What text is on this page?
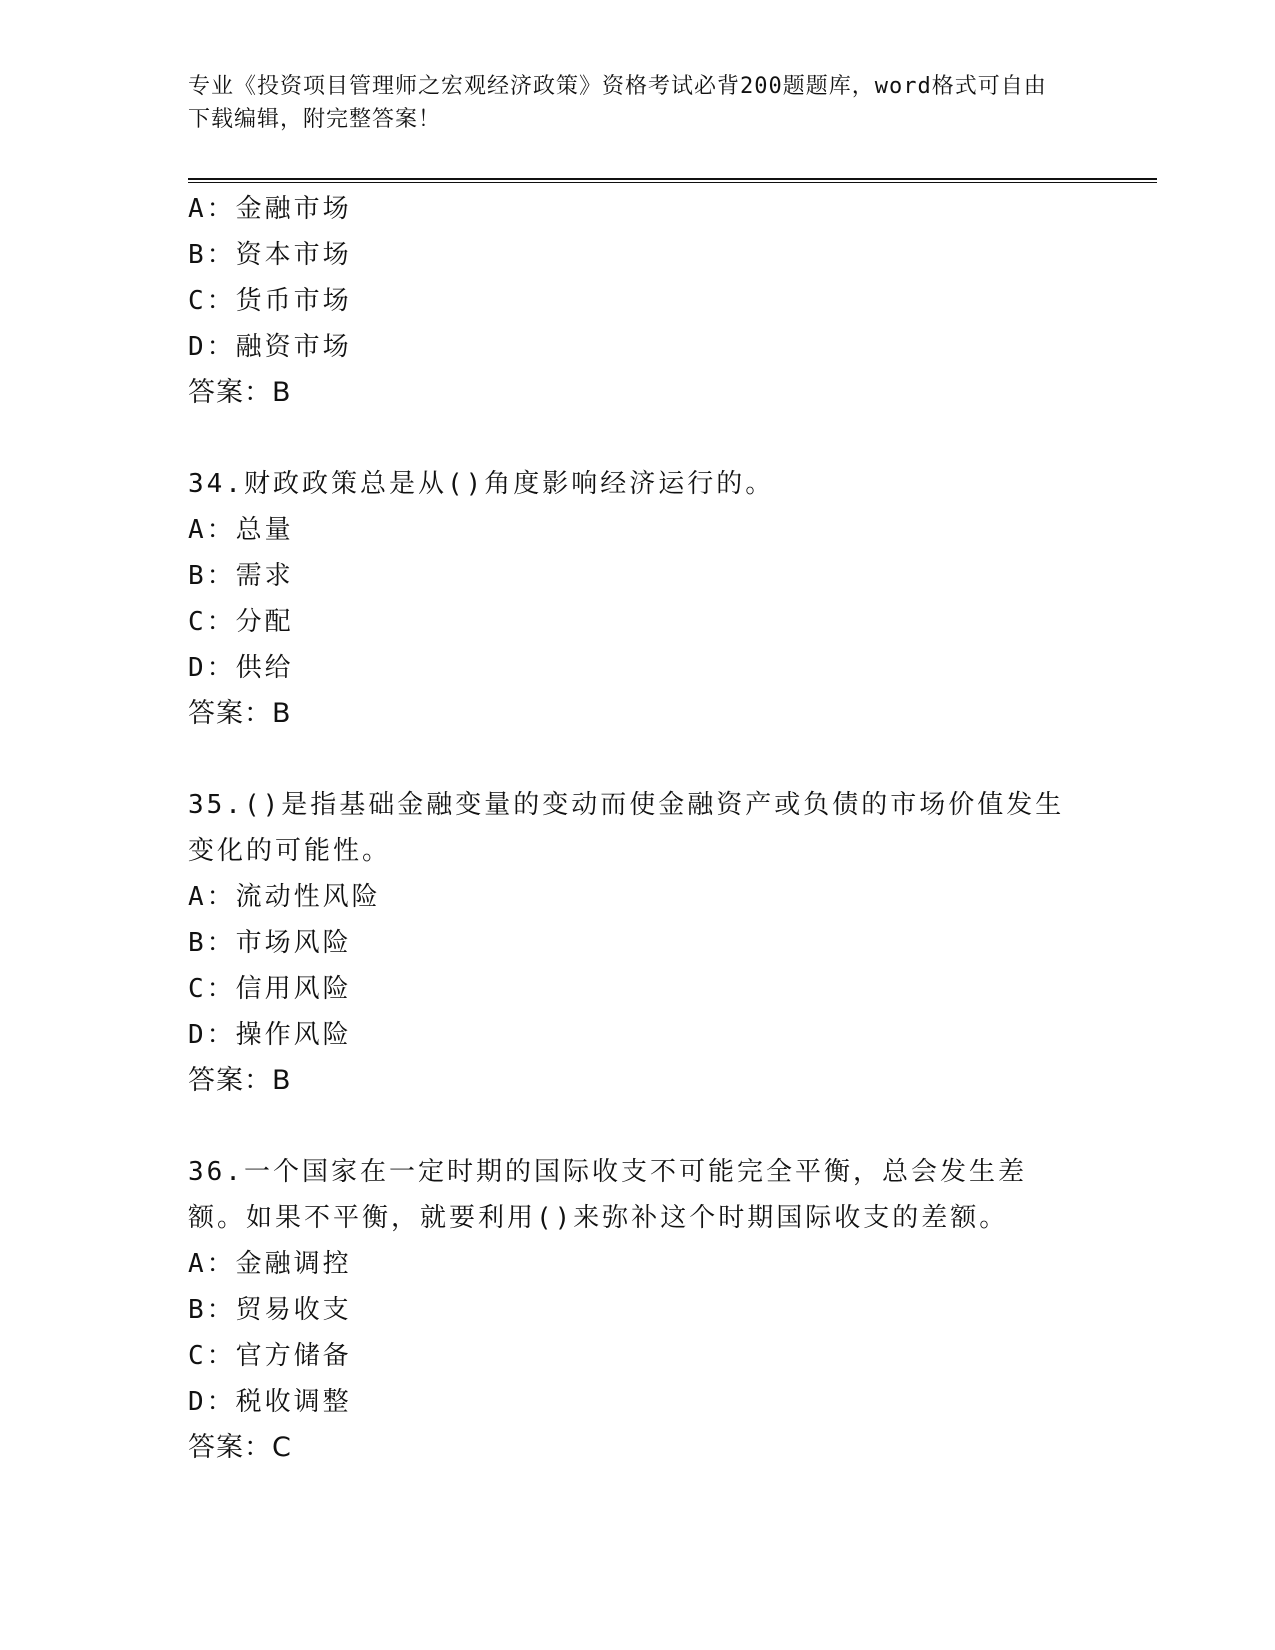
专业《投资项目管理师之宏观经济政策》资格考试必背200题题库，word格式可自由下载编辑，附完整答案！
A：金融市场
B：资本市场
C：货币市场
D：融资市场
答案：B
34.财政政策总是从()角度影响经济运行的。
A：总量
B：需求
C：分配
D：供给
答案：B
35.()是指基础金融变量的变动而使金融资产或负债的市场价值发生变化的可能性。
A：流动性风险
B：市场风险
C：信用风险
D：操作风险
答案：B
36.一个国家在一定时期的国际收支不可能完全平衡，总会发生差额。如果不平衡，就要利用()来弥补这个时期国际收支的差额。
A：金融调控
B：贸易收支
C：官方储备
D：税收调整
答案：C
